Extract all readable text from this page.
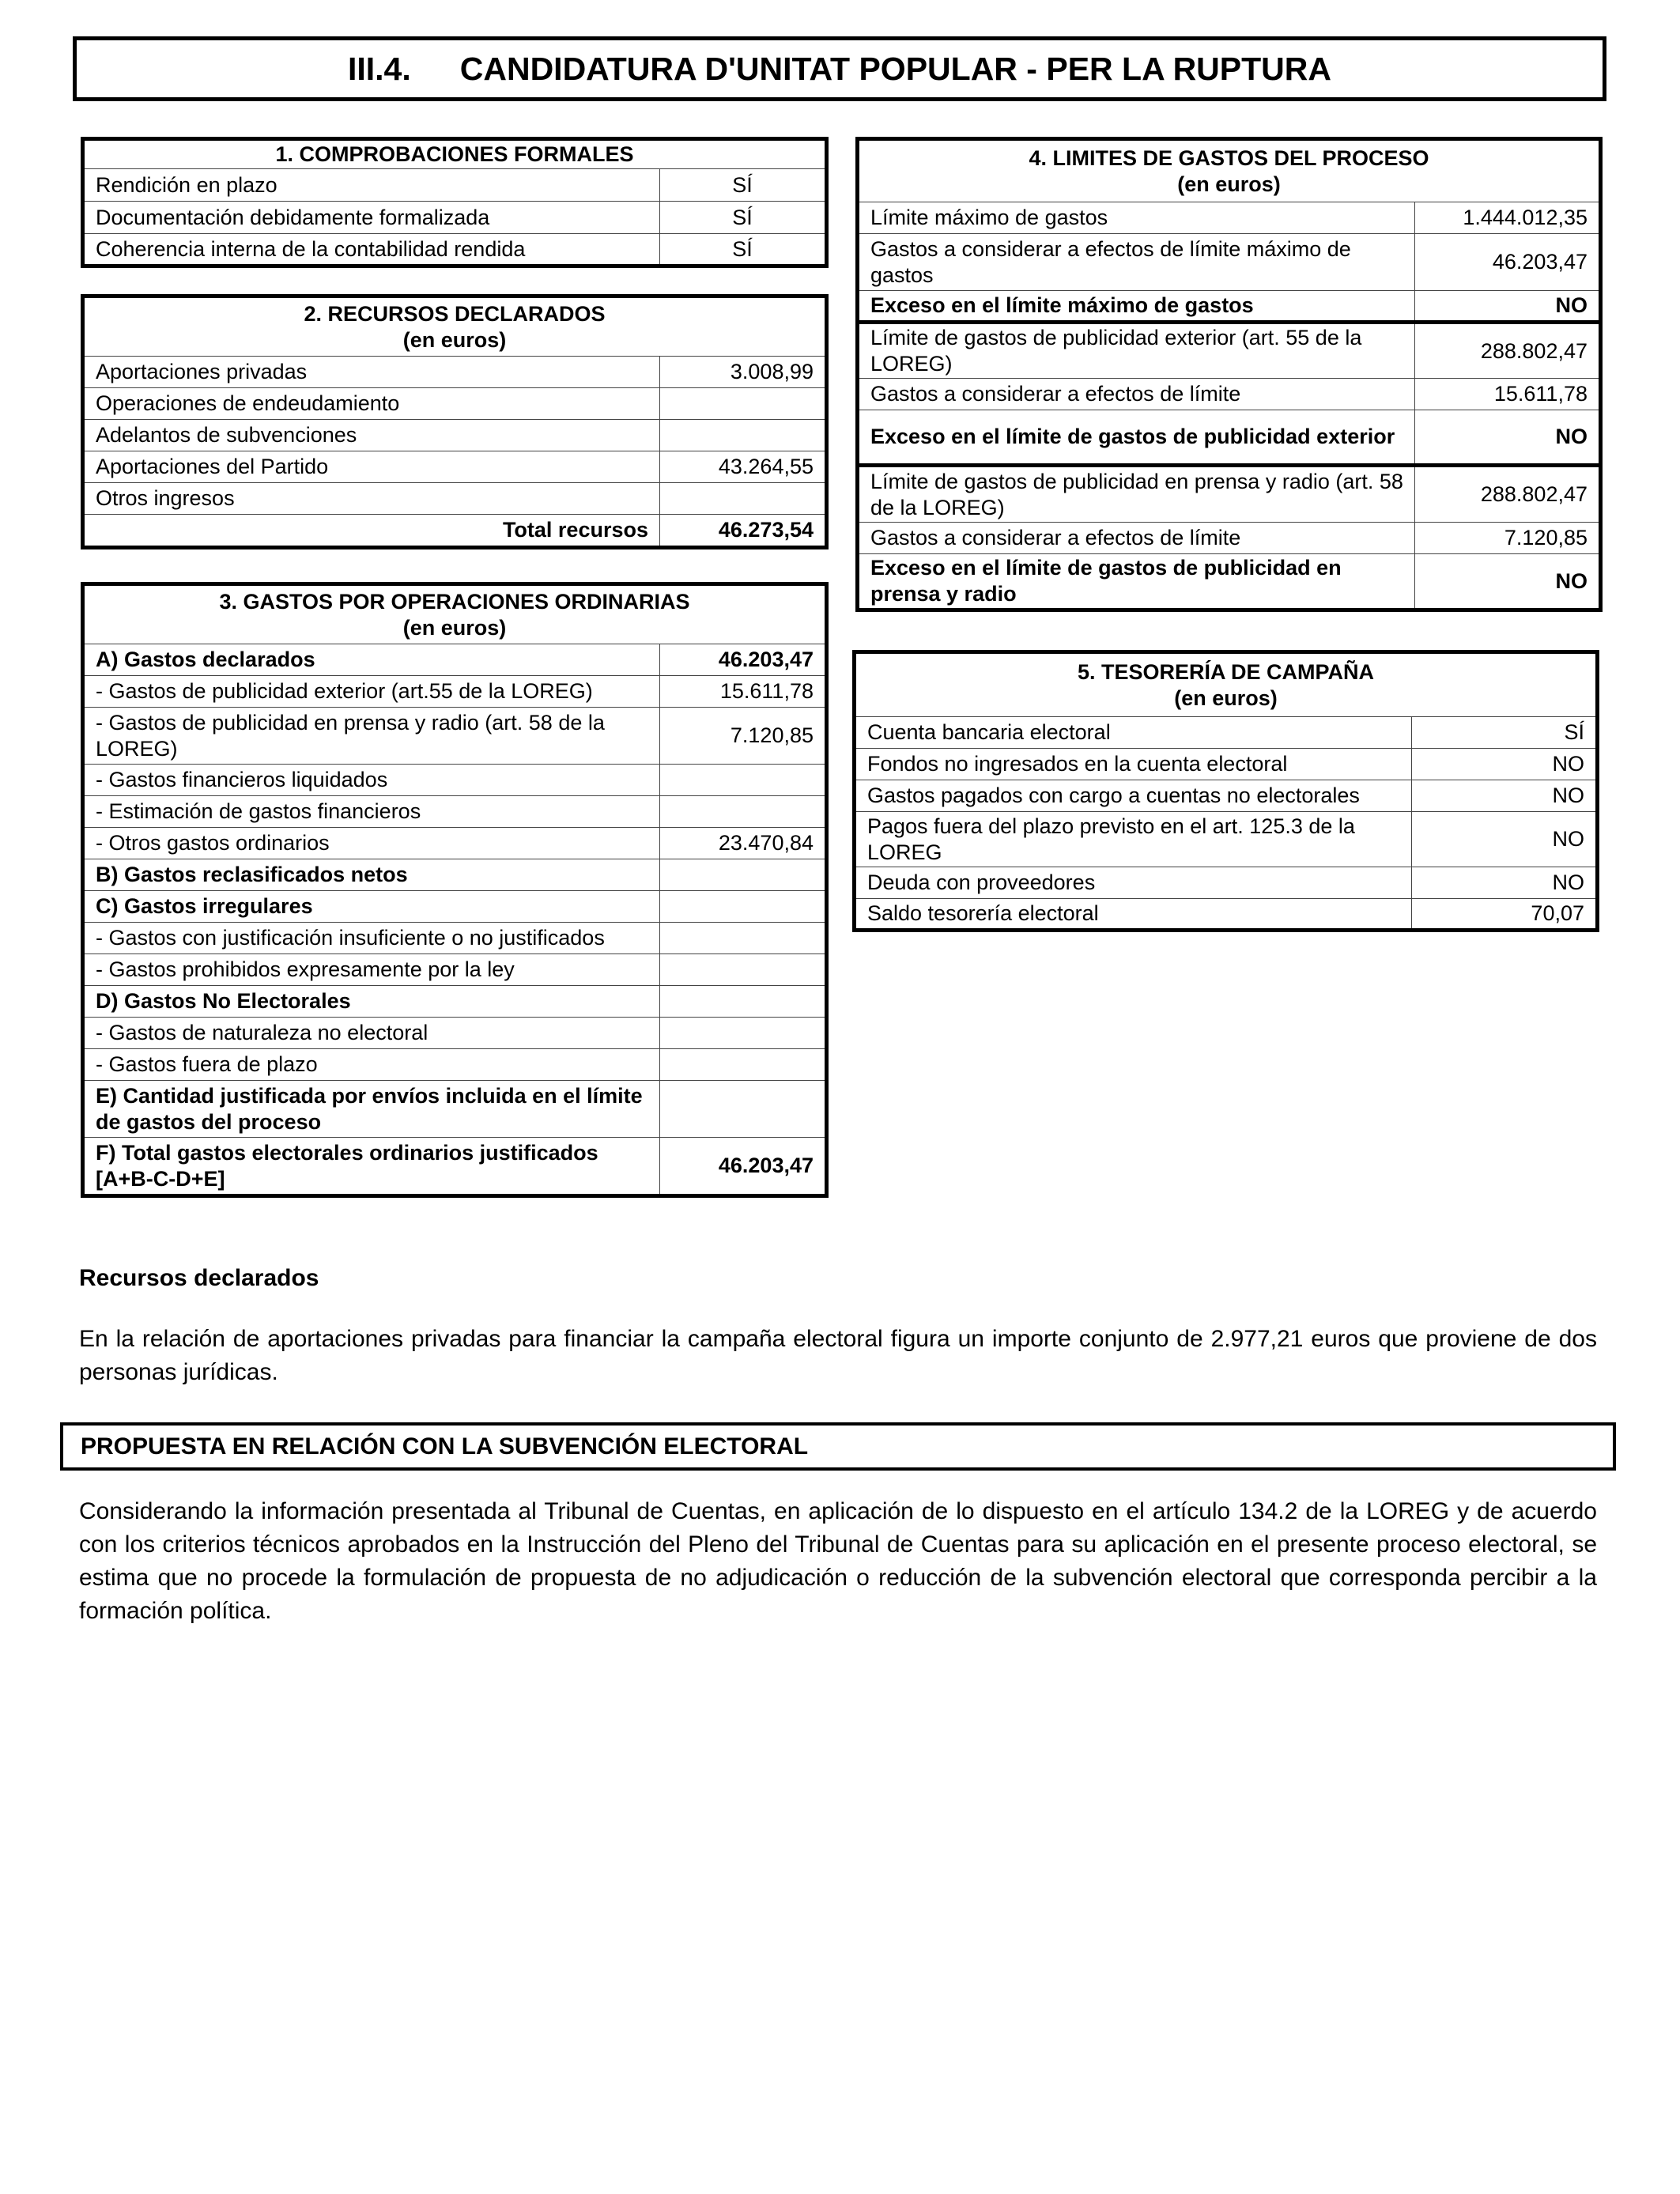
III.4. CANDIDATURA D'UNITAT POPULAR - PER LA RUPTURA
1. COMPROBACIONES FORMALES	
Rendición en plazo	SÍ
Documentación debidamente formalizada	SÍ
Coherencia interna de la contabilidad rendida	SÍ
2. RECURSOS DECLARADOS
(en euros)	

Aportaciones privadas	3.008,99
Operaciones de endeudamiento	
Adelantos de subvenciones	
Aportaciones del Partido	43.264,55
Otros ingresos	
Total recursos	46.273,54
3. GASTOS POR OPERACIONES ORDINARIAS
(en euros)	

A) Gastos declarados	46.203,47
- Gastos de publicidad exterior (art.55 de la LOREG)	15.611,78
- Gastos de publicidad en prensa y radio (art. 58 de la LOREG)	7.120,85
- Gastos financieros liquidados	
- Estimación de gastos financieros	
- Otros gastos ordinarios	23.470,84
B) Gastos reclasificados netos	
C) Gastos irregulares	
- Gastos con justificación insuficiente o no justificados	
- Gastos prohibidos expresamente por la ley	
D) Gastos No Electorales	
- Gastos de naturaleza no electoral	
- Gastos fuera de plazo	
E) Cantidad justificada por envíos incluida en el límite de gastos del proceso	
F) Total gastos electorales ordinarios justificados [A+B-C-D+E]	46.203,47
4. LIMITES DE GASTOS DEL PROCESO
(en euros)	

Límite máximo de gastos	1.444.012,35
Gastos a considerar a efectos de límite máximo de gastos	46.203,47
Exceso en el límite máximo de gastos	NO
Límite de gastos de publicidad exterior (art. 55 de la LOREG)	288.802,47
Gastos a considerar a efectos de límite	15.611,78
Exceso en el límite de gastos de publicidad exterior	NO
Límite de gastos de publicidad en prensa y radio (art. 58 de la LOREG)	288.802,47
Gastos a considerar a efectos de límite	7.120,85
Exceso en el límite de gastos de publicidad en prensa y radio	NO
5. TESORERÍA DE CAMPAÑA
(en euros)	

Cuenta bancaria electoral	SÍ
Fondos no ingresados en la cuenta electoral	NO
Gastos pagados con cargo a cuentas no electorales	NO
Pagos fuera del plazo previsto en el art. 125.3 de la LOREG	NO
Deuda con proveedores	NO
Saldo tesorería electoral	70,07
Recursos declarados
En la relación de aportaciones privadas para financiar la campaña electoral figura un importe conjunto de 2.977,21 euros que proviene de dos personas jurídicas.
PROPUESTA EN RELACIÓN CON LA SUBVENCIÓN ELECTORAL
Considerando la información presentada al Tribunal de Cuentas, en aplicación de lo dispuesto en el artículo 134.2 de la LOREG y de acuerdo con los criterios técnicos aprobados en la Instrucción del Pleno del Tribunal de Cuentas para su aplicación en el presente proceso electoral, se estima que no procede la formulación de propuesta de no adjudicación o reducción de la subvención electoral que corresponda percibir a la formación política.
